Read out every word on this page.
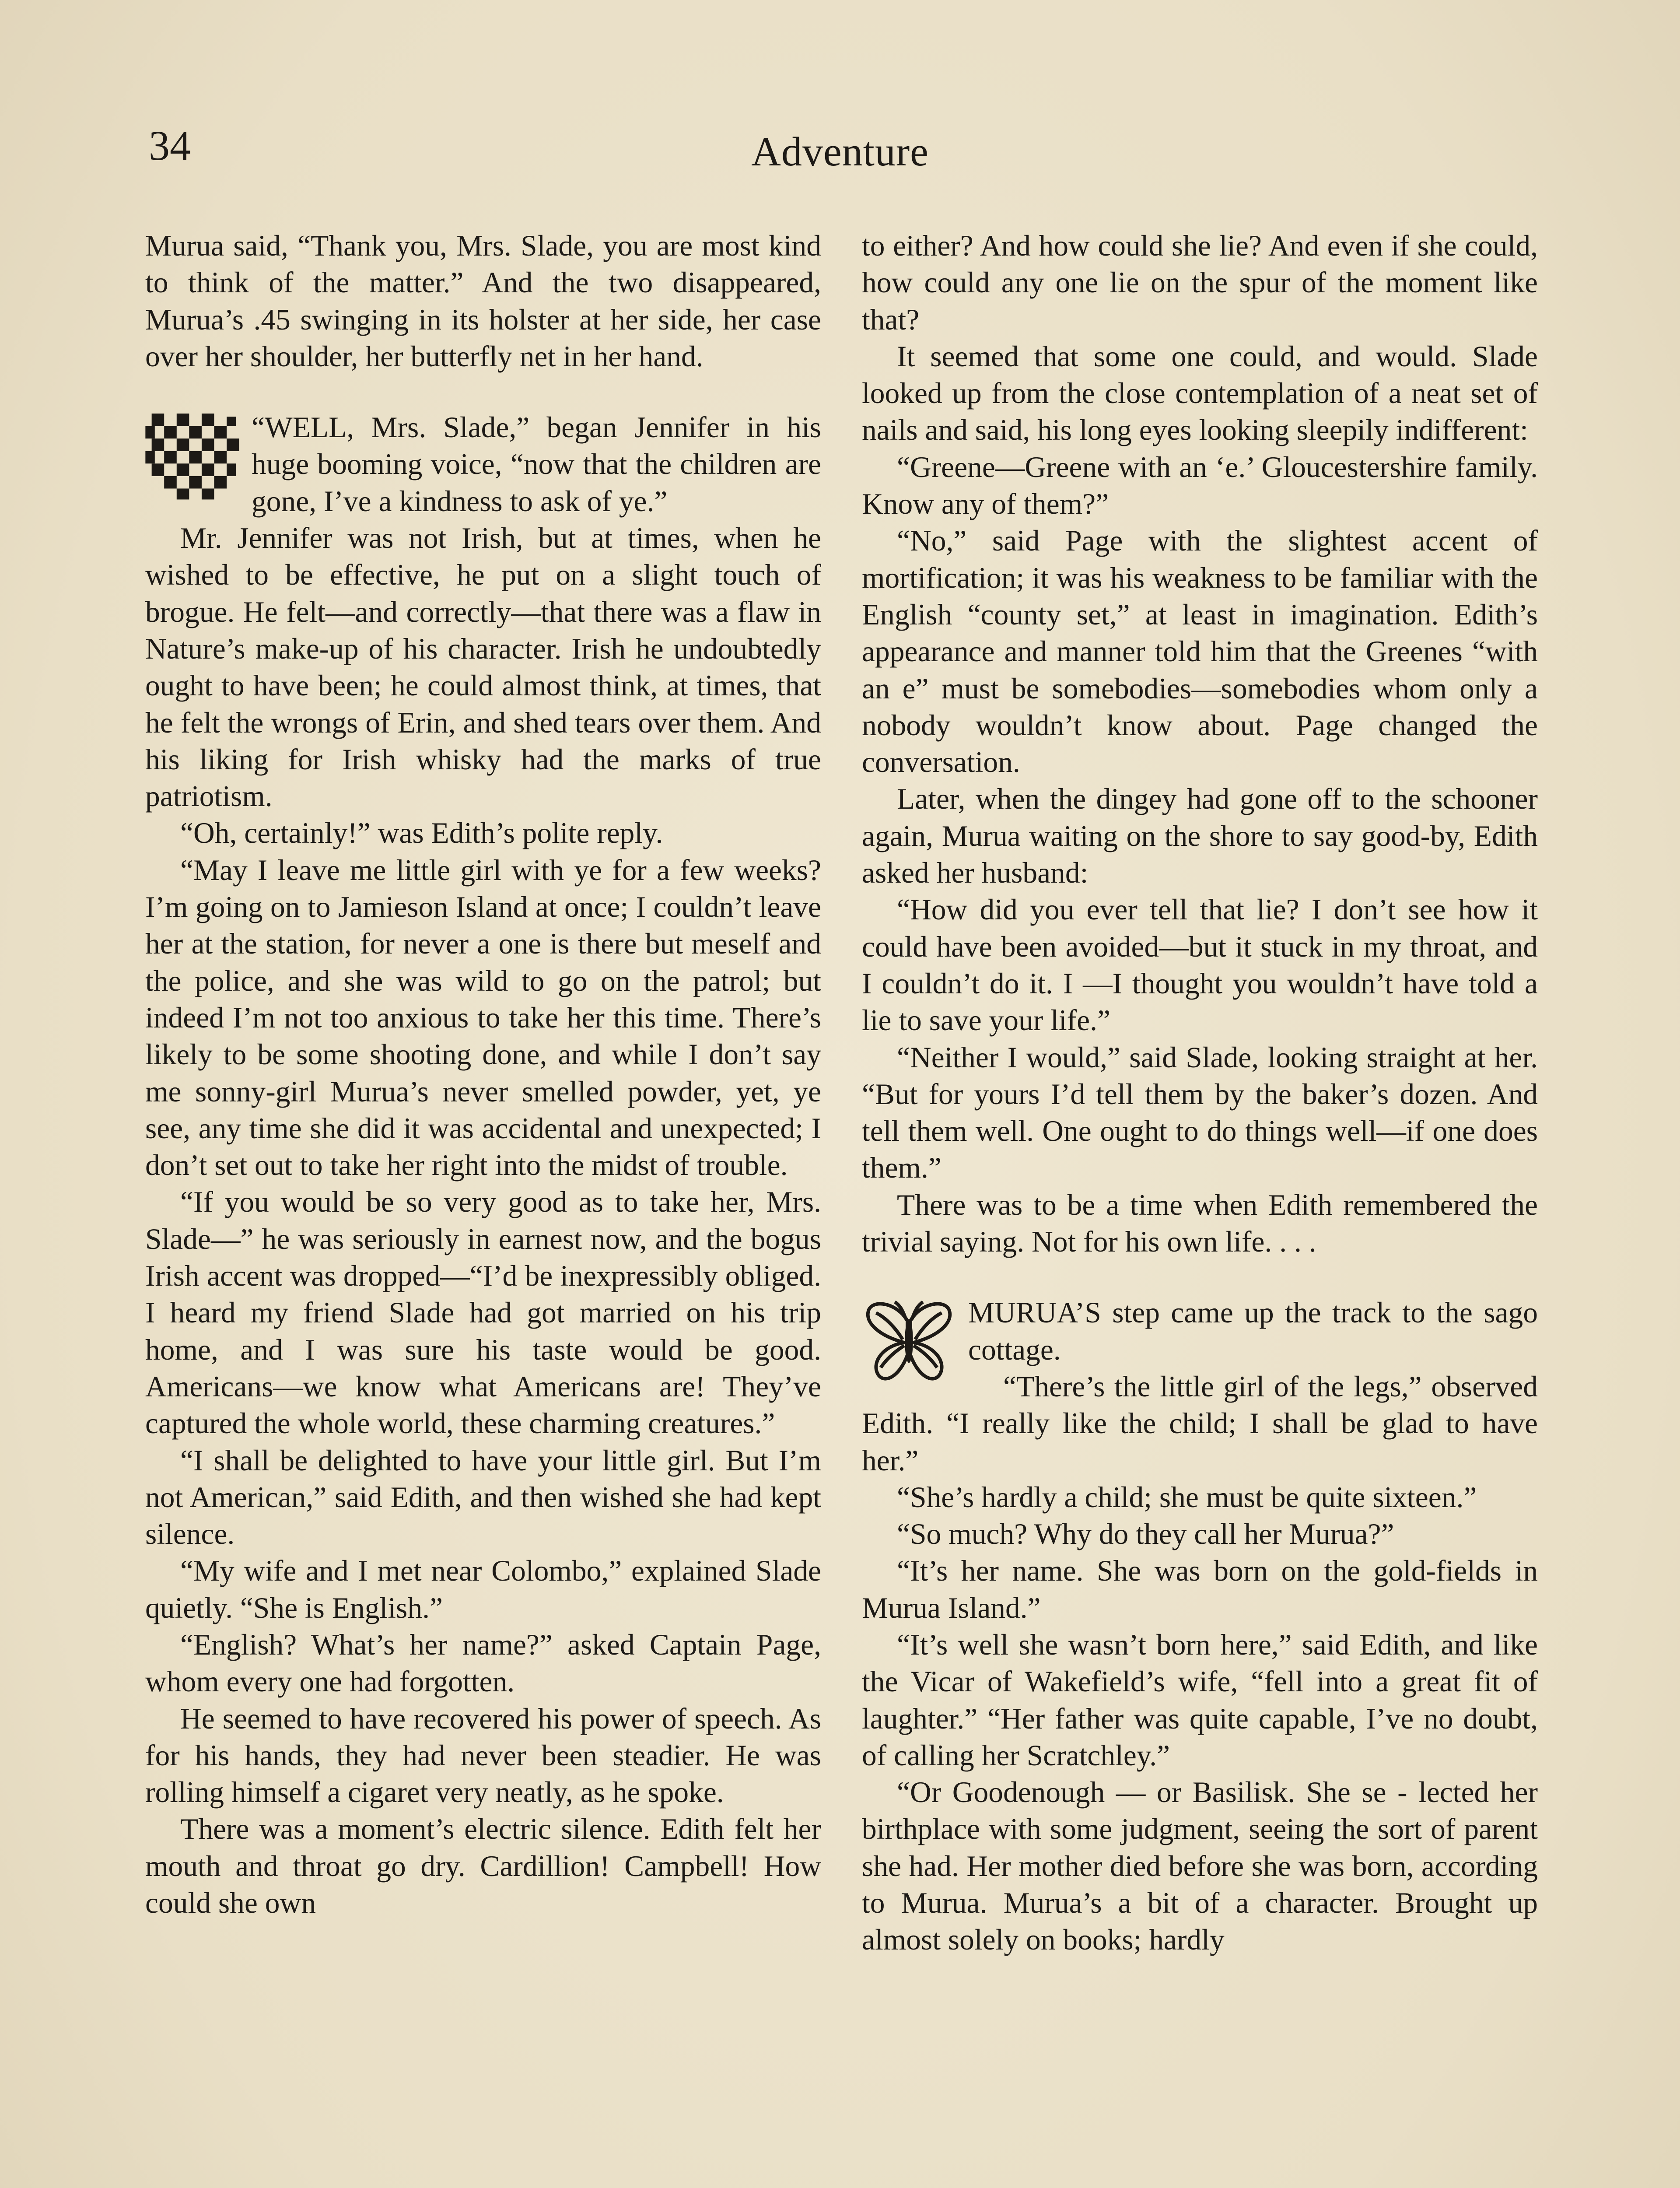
34	Adventure

Murua said, “Thank you, Mrs. Slade, you are most kind to think of the matter.” And the two disappeared, Murua’s .45 swinging in its holster at her side, her case over her shoulder, her butterfly net in her hand.

“WELL, Mrs. Slade,” began Jennifer in his huge booming voice, “now that the children are gone, I’ve a kindness to ask of ye.”

Mr. Jennifer was not Irish, but at times, when he wished to be effective, he put on a slight touch of brogue. He felt—and correctly—that there was a flaw in Nature’s make-up of his character. Irish he undoubtedly ought to have been; he could almost think, at times, that he felt the wrongs of Erin, and shed tears over them. And his liking for Irish whisky had the marks of true patriotism.

“Oh, certainly!” was Edith’s polite reply.

“May I leave me little girl with ye for a few weeks? I’m going on to Jamieson Island at once; I couldn’t leave her at the station, for never a one is there but meself and the police, and she was wild to go on the patrol; but indeed I’m not too anxious to take her this time. There’s likely to be some shooting done, and while I don’t say me sonny-girl Murua’s never smelled powder, yet, ye see, any time she did it was accidental and unexpected; I don’t set out to take her right into the midst of trouble.

“If you would be so very good as to take her, Mrs. Slade—” he was seriously in earnest now, and the bogus Irish accent was dropped—“I’d be inexpressibly obliged. I heard my friend Slade had got married on his trip home, and I was sure his taste would be good. Americans—we know what Americans are! They’ve captured the whole world, these charming creatures.”

“I shall be delighted to have your little girl. But I’m not American,” said Edith, and then wished she had kept silence.

“My wife and I met near Colombo,” explained Slade quietly. “She is English.”

“English? What’s her name?” asked Captain Page, whom every one had forgotten.

He seemed to have recovered his power of speech. As for his hands, they had never been steadier. He was rolling himself a cigaret very neatly, as he spoke.

There was a moment’s electric silence. Edith felt her mouth and throat go dry. Cardillion! Campbell! How could she own

to either? And how could she lie? And even if she could, how could any one lie on the spur of the moment like that?

It seemed that some one could, and would. Slade looked up from the close contemplation of a neat set of nails and said, his long eyes looking sleepily indifferent:

“Greene—Greene with an ‘e.’ Gloucestershire family. Know any of them?”

“No,” said Page with the slightest accent of mortification; it was his weakness to be familiar with the English “county set,” at least in imagination. Edith’s appearance and manner told him that the Greenes “with an e” must be somebodies—somebodies whom only a nobody wouldn’t know about. Page changed the conversation.

Later, when the dingey had gone off to the schooner again, Murua waiting on the shore to say good-by, Edith asked her husband:

“How did you ever tell that lie? I don’t see how it could have been avoided—but it stuck in my throat, and I couldn’t do it. I —I thought you wouldn’t have told a lie to save your life.”

“Neither I would,” said Slade, looking straight at her. “But for yours I’d tell them by the baker’s dozen. And tell them well. One ought to do things well—if one does them.”

There was to be a time when Edith remembered the trivial saying. Not for his own life. . . .

MURUA’S step came up the track to the sago cottage.

“There’s the little girl of the legs,” observed Edith. “I really like the child; I shall be glad to have her.”

“She’s hardly a child; she must be quite sixteen.”

“So much? Why do they call her Murua?”

“It’s her name. She was born on the gold-fields in Murua Island.”

“It’s well she wasn’t born here,” said Edith, and like the Vicar of Wakefield’s wife, “fell into a great fit of laughter.” “Her father was quite capable, I’ve no doubt, of calling her Scratchley.”

“Or Goodenough — or Basilisk. She se - lected her birthplace with some judgment, seeing the sort of parent she had. Her mother died before she was born, according to Murua. Murua’s a bit of a character. Brought up almost solely on books; hardly
